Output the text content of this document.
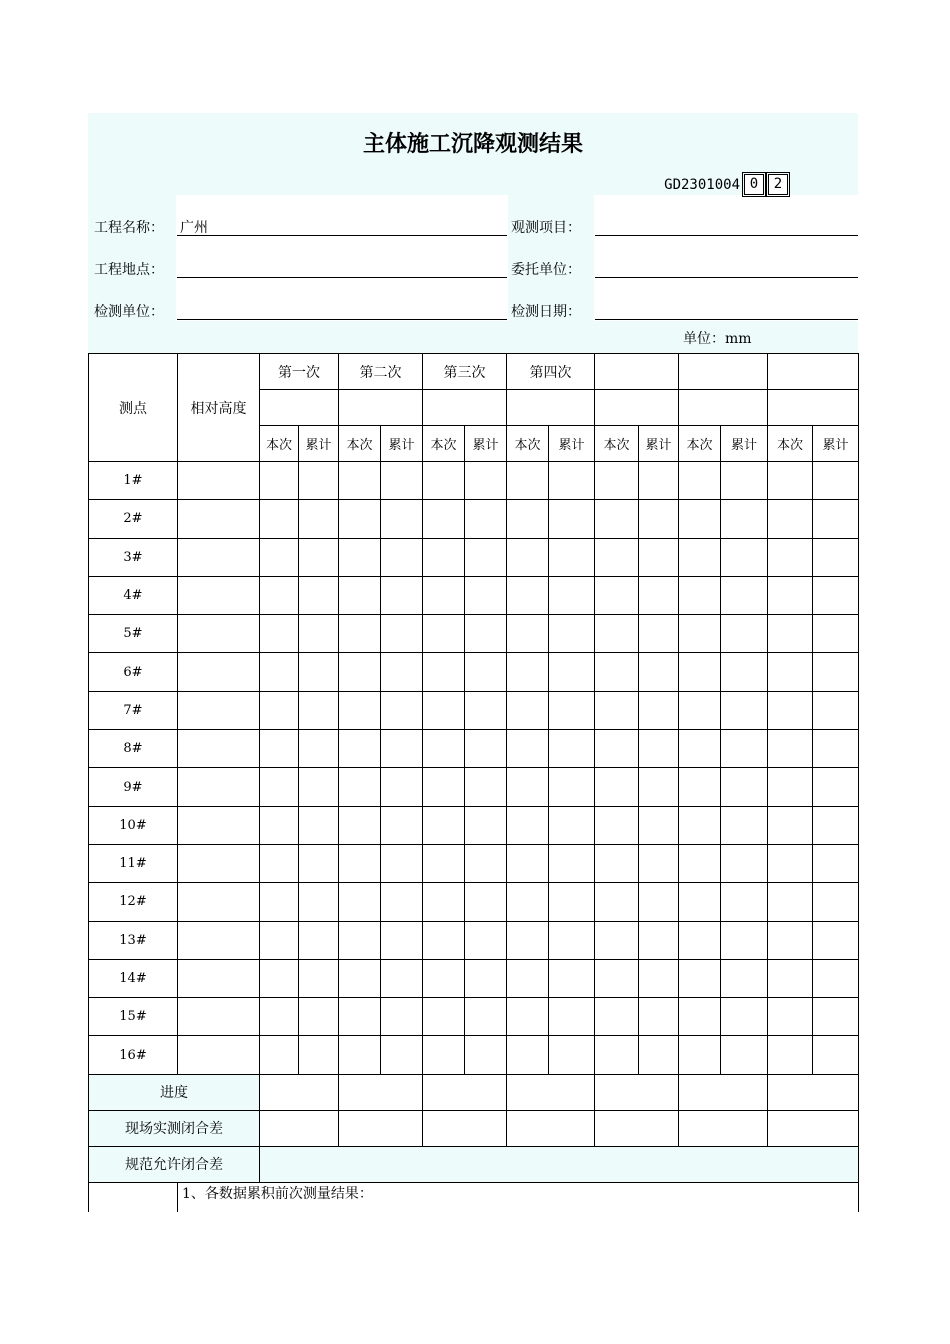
主体施工沉降观测结果
GD2301004 0	2
工程名称： 广州	观测项目：
工程地点：	委托单位：
检测单位：	检测日期：
单位：mm
测点	相对高度	第一次		第二次		第三次		第四次							

		本次	累计	本次	累计	本次	累计	本次	累计	本次	累计	本次	累计	本次	累计
1#															
2#															
3#															
4#															
5#															
6#															
7#															
8#															
9#															
10#															
11#															
12#															
13#															
14#															
15#															
16#															
进度															
现场实测闭合差															
规范允许闭合差															
	1、各数据累积前次测量结果：														
